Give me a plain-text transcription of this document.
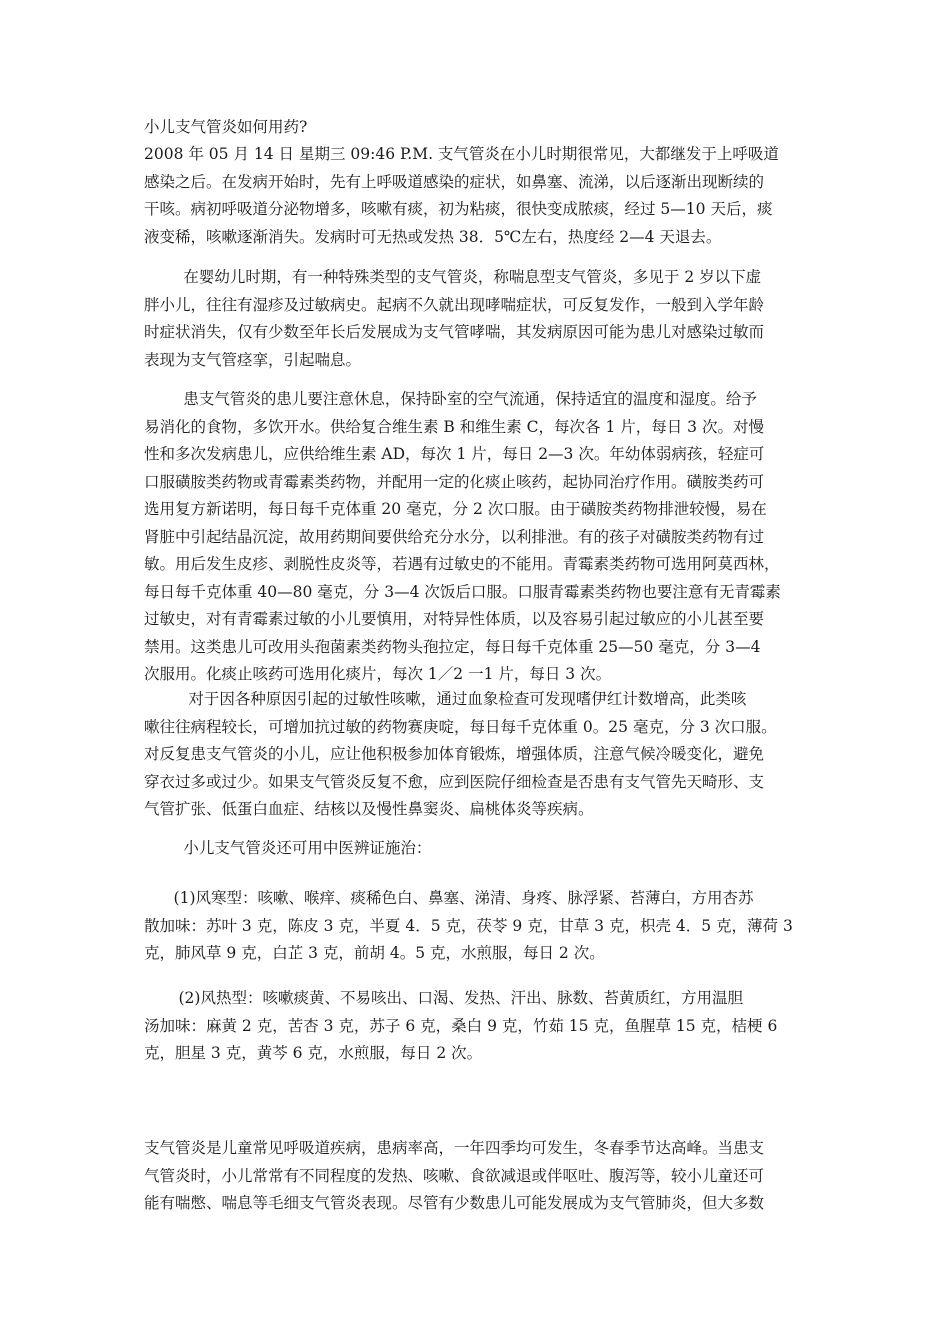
小儿支气管炎如何用药?

2008 年 05 月 14 日 星期三 09:46 P.M. 支气管炎在小儿时期很常见，大都继发于上呼吸道
感染之后。在发病开始时，先有上呼吸道感染的症状，如鼻塞、流涕，以后逐渐出现断续的
干咳。病初呼吸道分泌物增多，咳嗽有痰，初为粘痰，很快变成脓痰，经过 5—10 天后，痰
液变稀，咳嗽逐渐消失。发病时可无热或发热 38．5℃左右，热度经 2—4 天退去。

在婴幼儿时期，有一种特殊类型的支气管炎，称喘息型支气管炎，多见于 2 岁以下虚
胖小儿，往往有湿疹及过敏病史。起病不久就出现哮喘症状，可反复发作，一般到入学年龄
时症状消失，仅有少数至年长后发展成为支气管哮喘，其发病原因可能为患儿对感染过敏而
表现为支气管痉挛，引起喘息。

患支气管炎的患儿要注意休息，保持卧室的空气流通，保持适宜的温度和湿度。给予
易消化的食物，多饮开水。供给复合维生素 B 和维生素 C，每次各 1 片，每日 3 次。对慢
性和多次发病患儿，应供给维生素 AD，每次 1 片，每日 2—3 次。年幼体弱病孩，轻症可
口服磺胺类药物或青霉素类药物，并配用一定的化痰止咳药，起协同治疗作用。磺胺类药可
选用复方新诺明，每日每千克体重 20 毫克，分 2 次口服。由于磺胺类药物排泄较慢，易在
肾脏中引起结晶沉淀，故用药期间要供给充分水分，以利排泄。有的孩子对磺胺类药物有过
敏。用后发生皮疹、剥脱性皮炎等，若遇有过敏史的不能用。青霉素类药物可选用阿莫西林，
每日每千克体重 40—80 毫克，分 3—4 次饭后口服。口服青霉素类药物也要注意有无青霉素
过敏史，对有青霉素过敏的小儿要慎用，对特异性体质，以及容易引起过敏应的小儿甚至要
禁用。这类患儿可改用头孢菌素类药物头孢拉定，每日每千克体重 25—50 毫克，分 3—4
次服用。化痰止咳药可选用化痰片，每次 1／2 一1 片，每日 3 次。

对于因各种原因引起的过敏性咳嗽，通过血象检查可发现嗜伊红计数增高，此类咳
嗽往往病程较长，可增加抗过敏的药物赛庚啶，每日每千克体重 0。25 毫克，分 3 次口服。
对反复患支气管炎的小儿，应让他积极参加体育锻炼，增强体质，注意气候冷暖变化，避免
穿衣过多或过少。如果支气管炎反复不愈，应到医院仔细检查是否患有支气管先天畸形、支
气管扩张、低蛋白血症、结核以及慢性鼻窦炎、扁桃体炎等疾病。

小儿支气管炎还可用中医辨证施治：

(1)风寒型：咳嗽、喉痒、痰稀色白、鼻塞、涕清、身疼、脉浮紧、苔薄白，方用杏苏
散加味：苏叶 3 克，陈皮 3 克，半夏 4．5 克，茯苓 9 克，甘草 3 克，枳壳 4．5 克，薄荷 3
克，肺风草 9 克，白芷 3 克，前胡 4。5 克，水煎服，每日 2 次。

(2)风热型：咳嗽痰黄、不易咳出、口渴、发热、汗出、脉数、苔黄质红，方用温胆
汤加味：麻黄 2 克，苦杏 3 克，苏子 6 克，桑白 9 克，竹茹 15 克，鱼腥草 15 克，桔梗 6
克，胆星 3 克，黄芩 6 克，水煎服，每日 2 次。

支气管炎是儿童常见呼吸道疾病，患病率高，一年四季均可发生，冬春季节达高峰。当患支
气管炎时，小儿常常有不同程度的发热、咳嗽、食欲减退或伴呕吐、腹泻等，较小儿童还可
能有喘憋、喘息等毛细支气管炎表现。尽管有少数患儿可能发展成为支气管肺炎，但大多数
